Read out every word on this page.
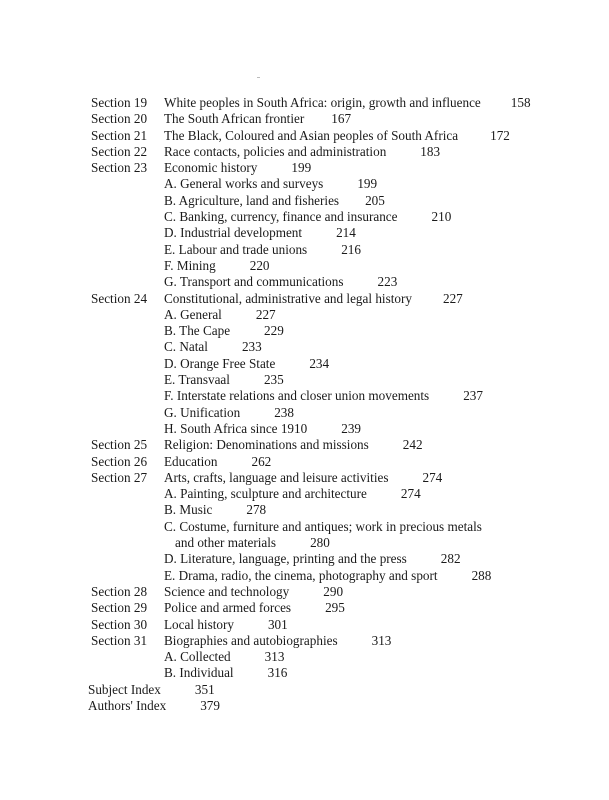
Section 19 White peoples in South Africa: origin, growth and influence 158
Section 20 The South African frontier 167
Section 21 The Black, Coloured and Asian peoples of South Africa 172
Section 22 Race contacts, policies and administration	183
Section 23 Economic history	199
A. General works and surveys	199
B. Agriculture, land and fisheries 205
C. Banking, currency, finance and insurance	210
D. Industrial development	214
E. Labour and trade unions	216
F. Mining	220
G. Transport and communications	223
Section 24 Constitutional, administrative and legal history 227
A. General	227
B. The Cape	229
C. Natal	233
D. Orange Free State	234
E. Transvaal	235
F. Interstate relations and closer union movements	237
G. Unification	238
H. South Africa since 1910	239
Section 25 Religion: Denominations and missions	242
Section 26 Education	262
Section 27 Arts, crafts, language and leisure activities	274
A. Painting, sculpture and architecture	274
B. Music	278
C. Costume, furniture and antiques; work in precious metals
and other materials	280
D. Literature, language, printing and the press	282
E. Drama, radio, the cinema, photography and sport	288
Section 28 Science and technology	290
Section 29 Police and armed forces	295
Section 30 Local history	301
Section 31 Biographies and autobiographies	313
A. Collected	313
B. Individual	316
Subject Index	351
Authors' Index	379
